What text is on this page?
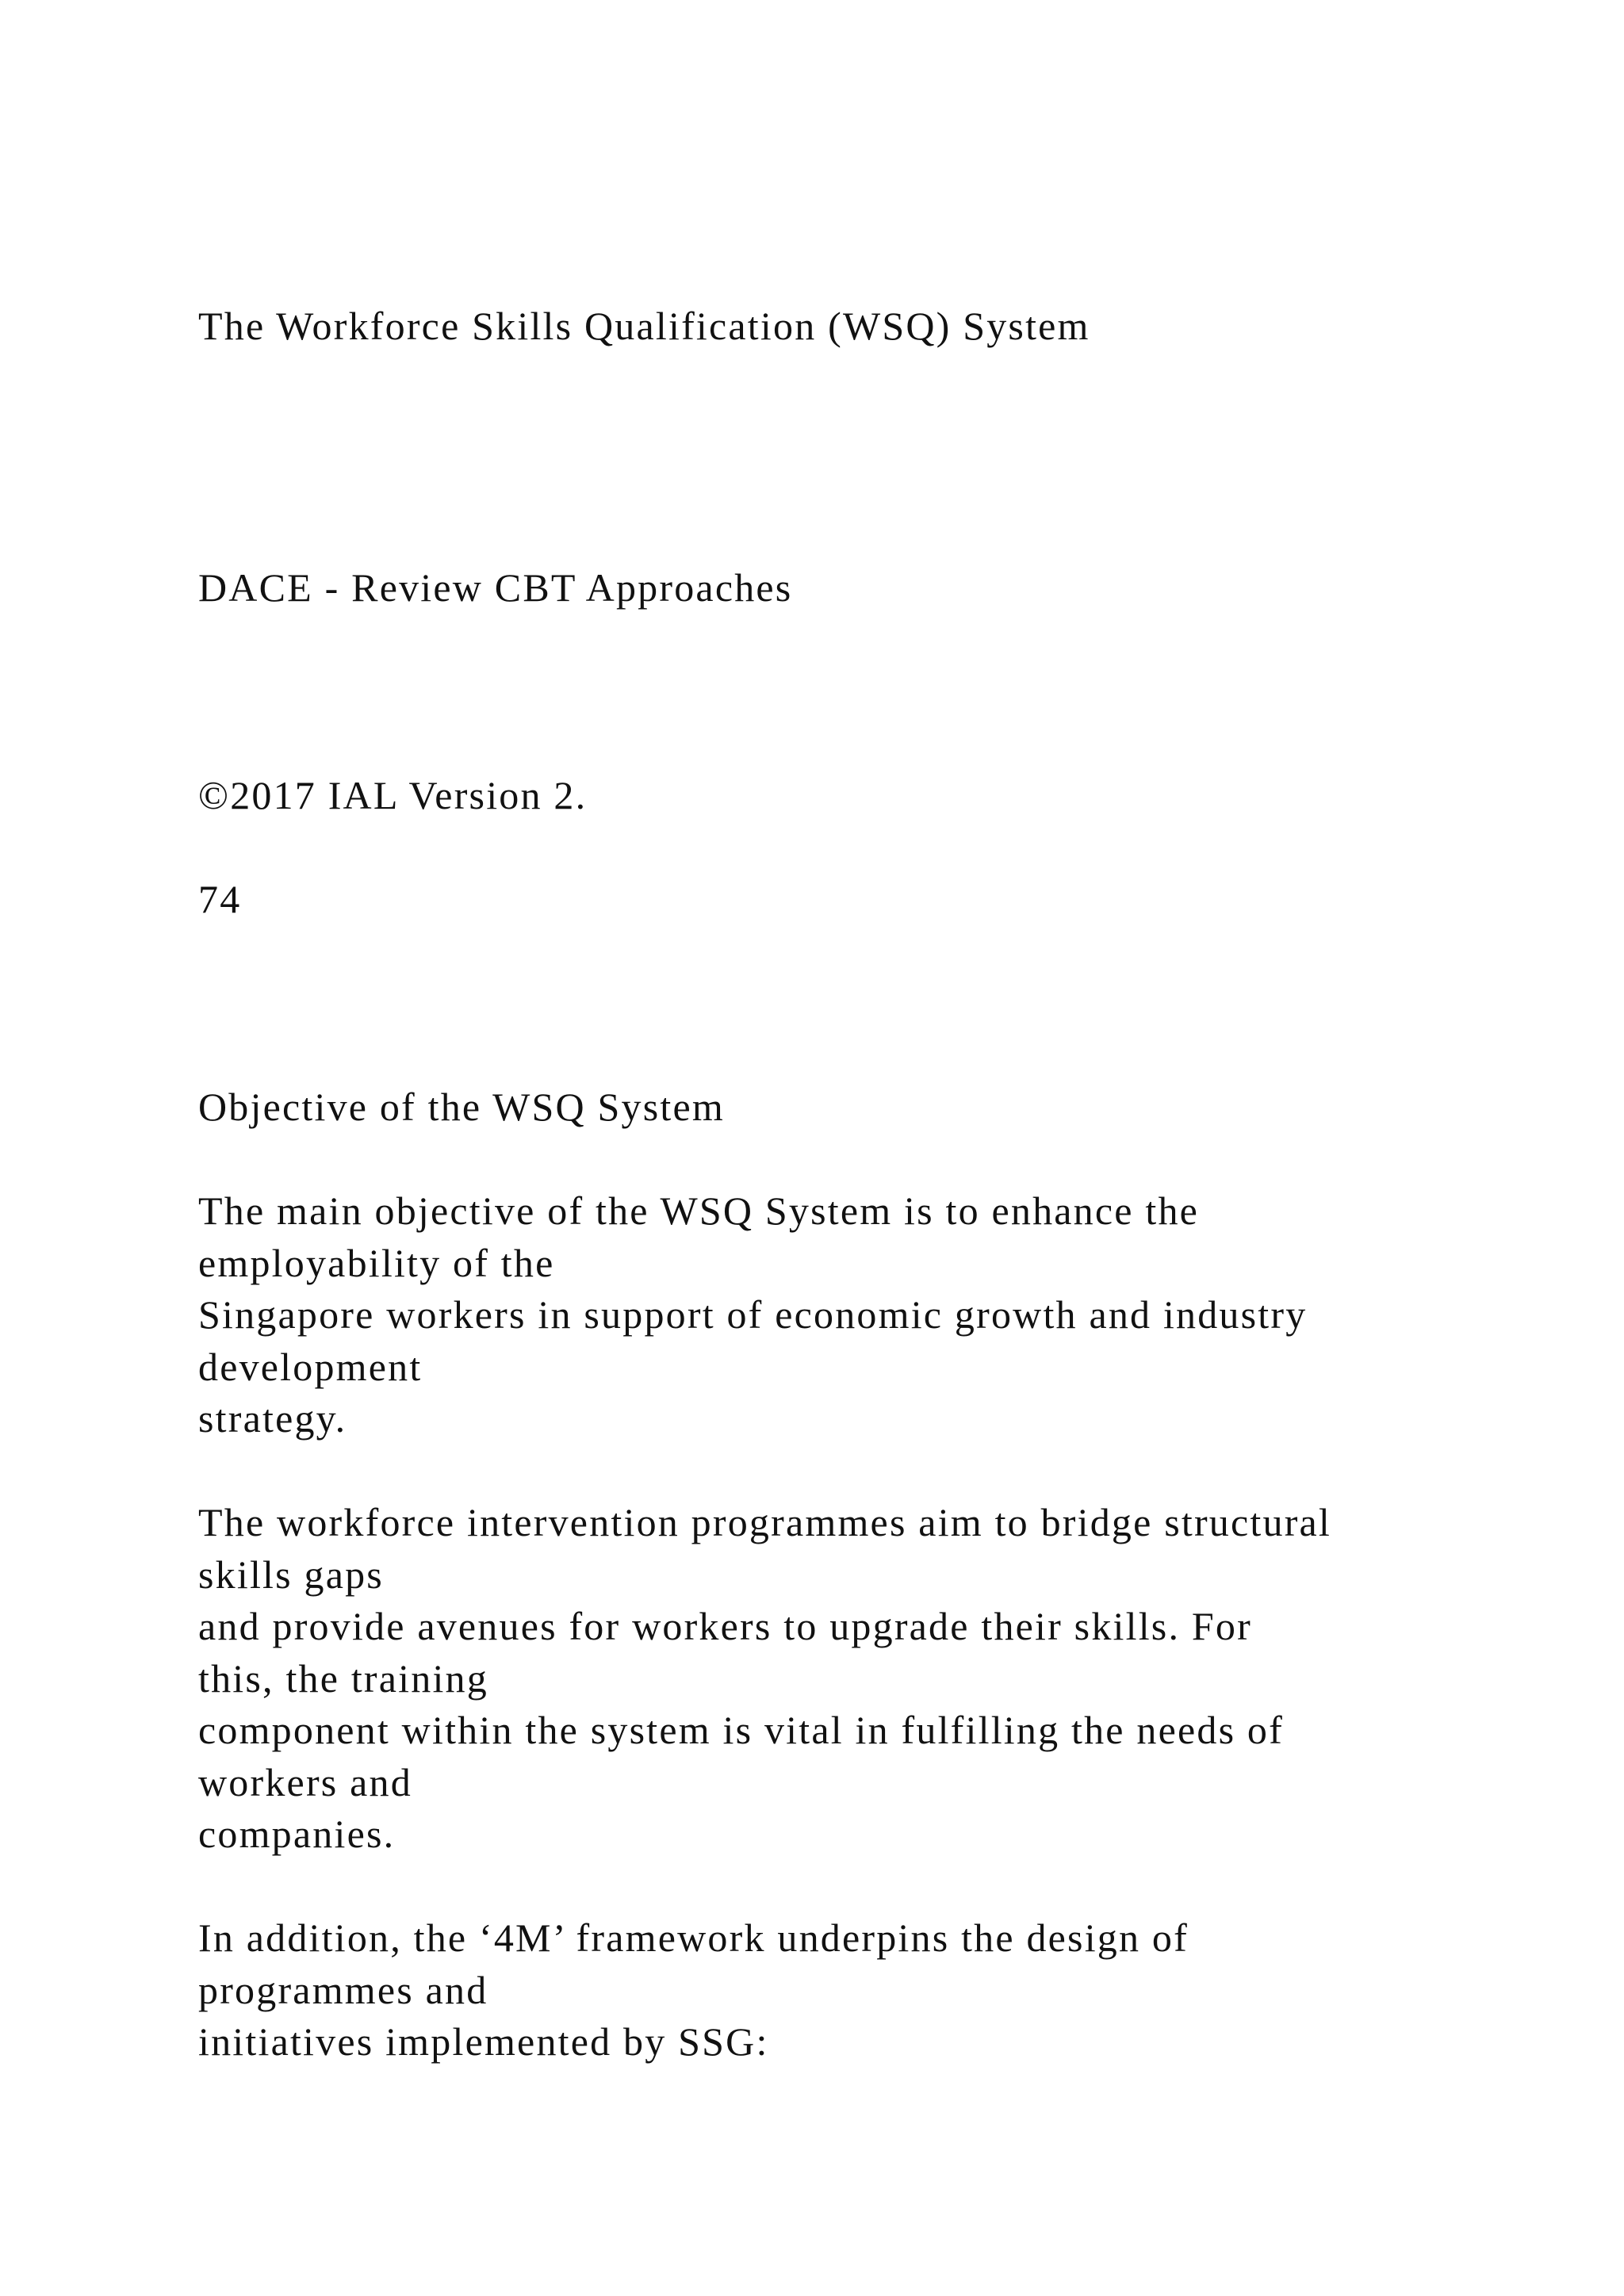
The Workforce Skills Qualification (WSQ) System

DACE - Review CBT Approaches

©2017 IAL Version 2.

74

Objective of the WSQ System

The main objective of the WSQ System is to enhance the

employability of the

Singapore workers in support of economic growth and industry

development

strategy.

The workforce intervention programmes aim to bridge structural

skills gaps

and provide avenues for workers to upgrade their skills. For

this, the training

component within the system is vital in fulfilling the needs of

workers and

companies.

In addition, the ‘4M’ framework underpins the design of

programmes and

initiatives implemented by SSG:
